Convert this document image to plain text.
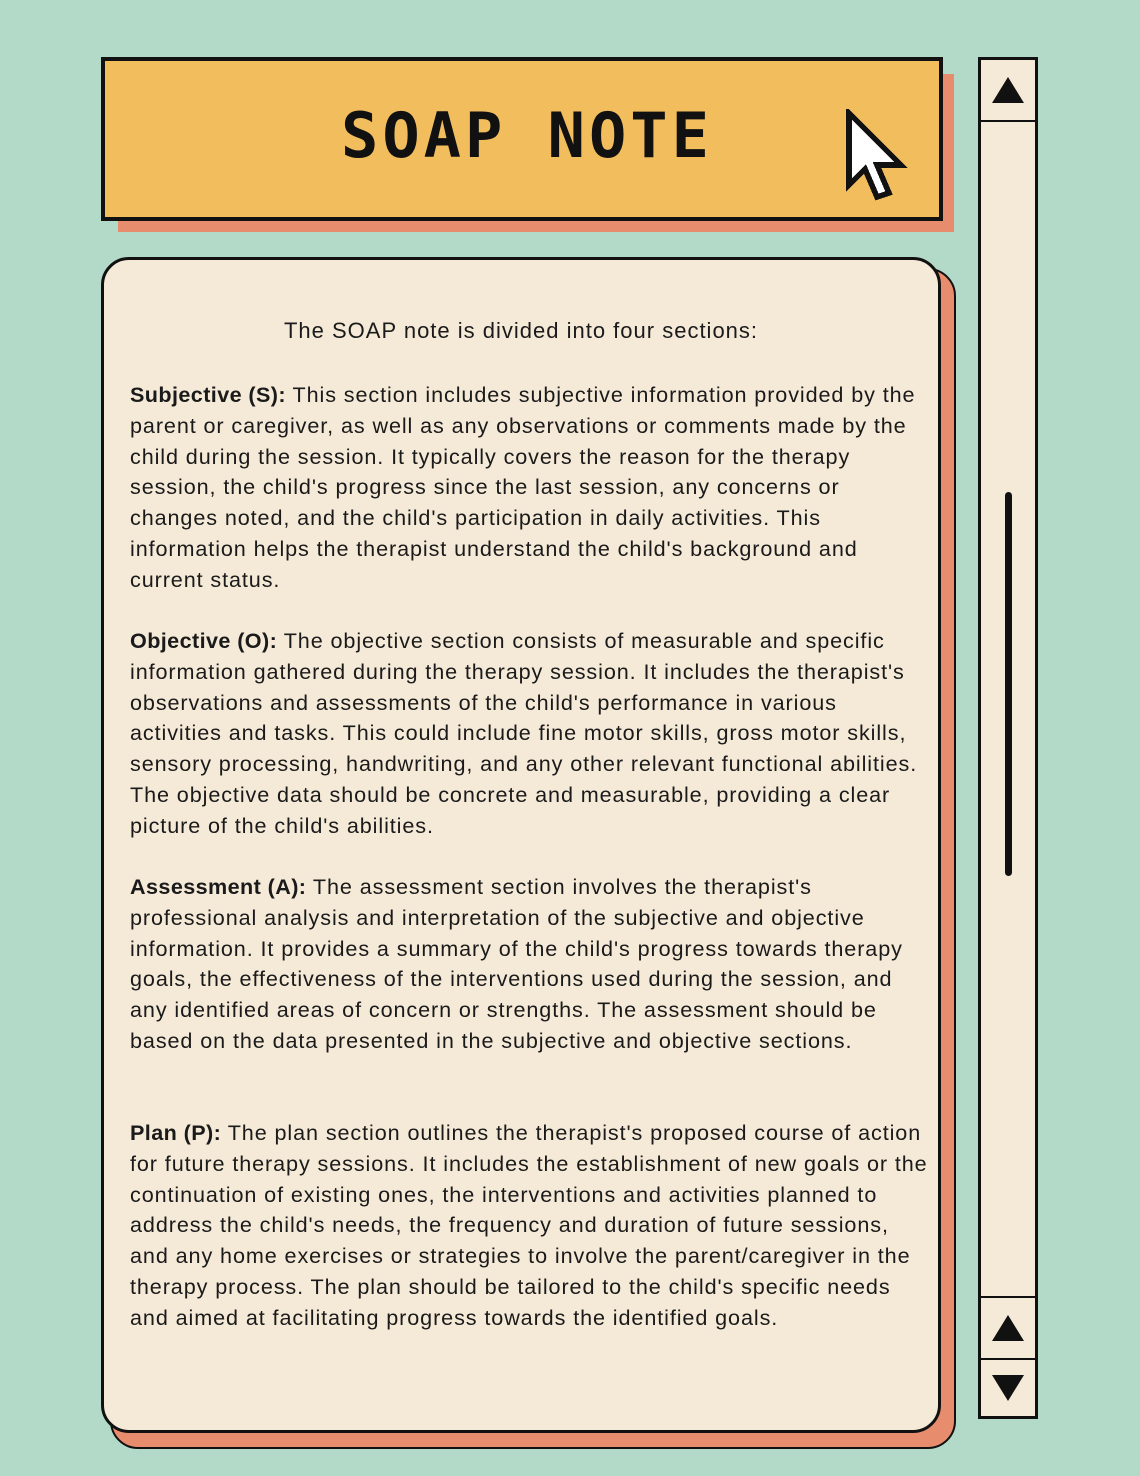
SOAP NOTE
The SOAP note is divided into four sections:
Subjective (S): This section includes subjective information provided by the parent or caregiver, as well as any observations or comments made by the child during the session. It typically covers the reason for the therapy session, the child's progress since the last session, any concerns or changes noted, and the child's participation in daily activities. This information helps the therapist understand the child's background and current status.
Objective (O): The objective section consists of measurable and specific information gathered during the therapy session. It includes the therapist's observations and assessments of the child's performance in various activities and tasks. This could include fine motor skills, gross motor skills, sensory processing, handwriting, and any other relevant functional abilities. The objective data should be concrete and measurable, providing a clear picture of the child's abilities.
Assessment (A): The assessment section involves the therapist's professional analysis and interpretation of the subjective and objective information. It provides a summary of the child's progress towards therapy goals, the effectiveness of the interventions used during the session, and any identified areas of concern or strengths. The assessment should be based on the data presented in the subjective and objective sections.
Plan (P): The plan section outlines the therapist's proposed course of action for future therapy sessions. It includes the establishment of new goals or the continuation of existing ones, the interventions and activities planned to address the child's needs, the frequency and duration of future sessions, and any home exercises or strategies to involve the parent/caregiver in the therapy process. The plan should be tailored to the child's specific needs and aimed at facilitating progress towards the identified goals.
